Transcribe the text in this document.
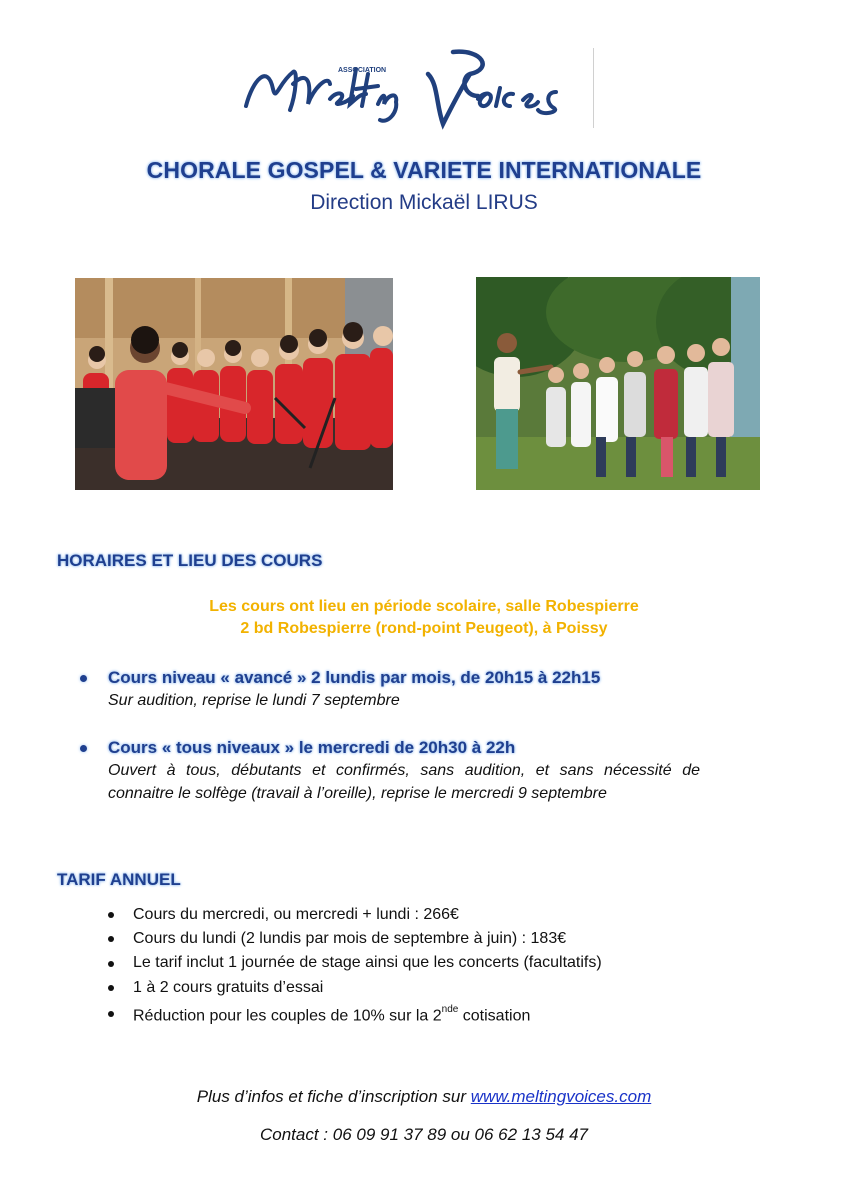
ASSOCIATION
CHORALE GOSPEL & VARIETE INTERNATIONALE
Direction Mickaël LIRUS
HORAIRES ET LIEU DES COURS
Les cours ont lieu en période scolaire, salle Robespierre
2 bd Robespierre (rond-point Peugeot), à Poissy
Cours niveau « avancé » 2 lundis par mois, de 20h15 à 22h15
Sur audition, reprise le lundi 7 septembre
Cours « tous niveaux » le mercredi de 20h30 à 22h
Ouvert à tous, débutants et confirmés, sans audition, et sans nécessité de connaitre le solfège (travail à l’oreille), reprise le mercredi 9 septembre
TARIF ANNUEL
Cours du mercredi, ou mercredi + lundi : 266€
Cours du lundi (2 lundis par mois de septembre à juin) : 183€
Le tarif inclut 1 journée de stage ainsi que les concerts (facultatifs)
1 à 2 cours gratuits d’essai
Réduction pour les couples de 10% sur la 2nde cotisation
Plus d’infos et fiche d’inscription sur www.meltingvoices.com
Contact : 06 09 91 37 89 ou 06 62 13 54 47
